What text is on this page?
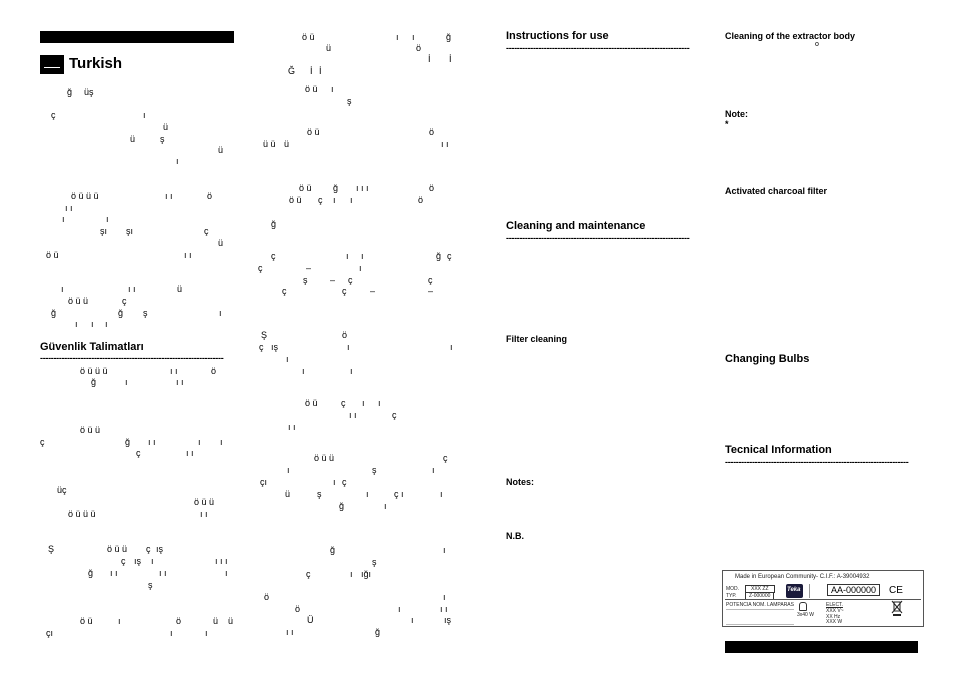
Turkish
Güvenlik Talimatları
--------------------------------------------------------------------
ğ üş
ç	ı
ü
ü	ş
ü
ı
ö ü ü ü	ı ı	ö
ı ı
ı	ı
şı şı	ç
ü
ö ü	ı ı
ı	ı ı	ü
ö ü ü	ç
ğ	ğ ş	ı
ı ı ı
ö ü ü ü	ı ı	ö
ğ	ı	ı ı
ö ü ü
ç	ğ ı ı	ı ı
ç	ı ı
üç
ö ü ü
ö ü ü ü	ı ı
Ş	ö ü ü ç ış
ç ış ı	ı ı ı
ğ ı ı	ı ı	ı
ş
ö ü	ı	ö	ü ü
çı	ı	ı
ö ü	ı ı	ğ
ü	ö
İ İ
Ğ İ İ
ö ü ı
ş
ö ü	ö
ü ü ü	ı ı
ö ü ğ ı ı ı	ö
ö ü ç ı ı	ö
ğ
ç	ı ı	ğ ç
ç	–	ı
ş	– ç	ç
ç	ç	–	–
Ş	ö
ç ış	ı	ı
ı
ı	ı
ö ü	ç ı ı
ı ı	ç
ı ı
ö ü ü	ç
ı	ş	ı
çı	ı ç
ü	ş	ı	ç ı	ı
ğ	ı
ğ	ı
ş
ç	ı ığı
ö	ı
ö	ı	ı ı
Ü	ı	ış
ı ı	ğ
Instructions for use
--------------------------------------------------------------------
Cleaning and maintenance
--------------------------------------------------------------------
Filter cleaning
Notes:
N.B.
Cleaning of the extractor body
o
Note:
*
Activated charcoal filter
Changing Bulbs
Tecnical Information
--------------------------------------------------------------------
Made in European Community- C.I.F.: A-39004932
MOD.	XXX ZZ
TYP.	Z-000000
Teka	AA-000000	CE
POTENCIA NOM. LAMPARAS
3x40 W
ELECT.
XXX V~
XX Hz
XXX W
